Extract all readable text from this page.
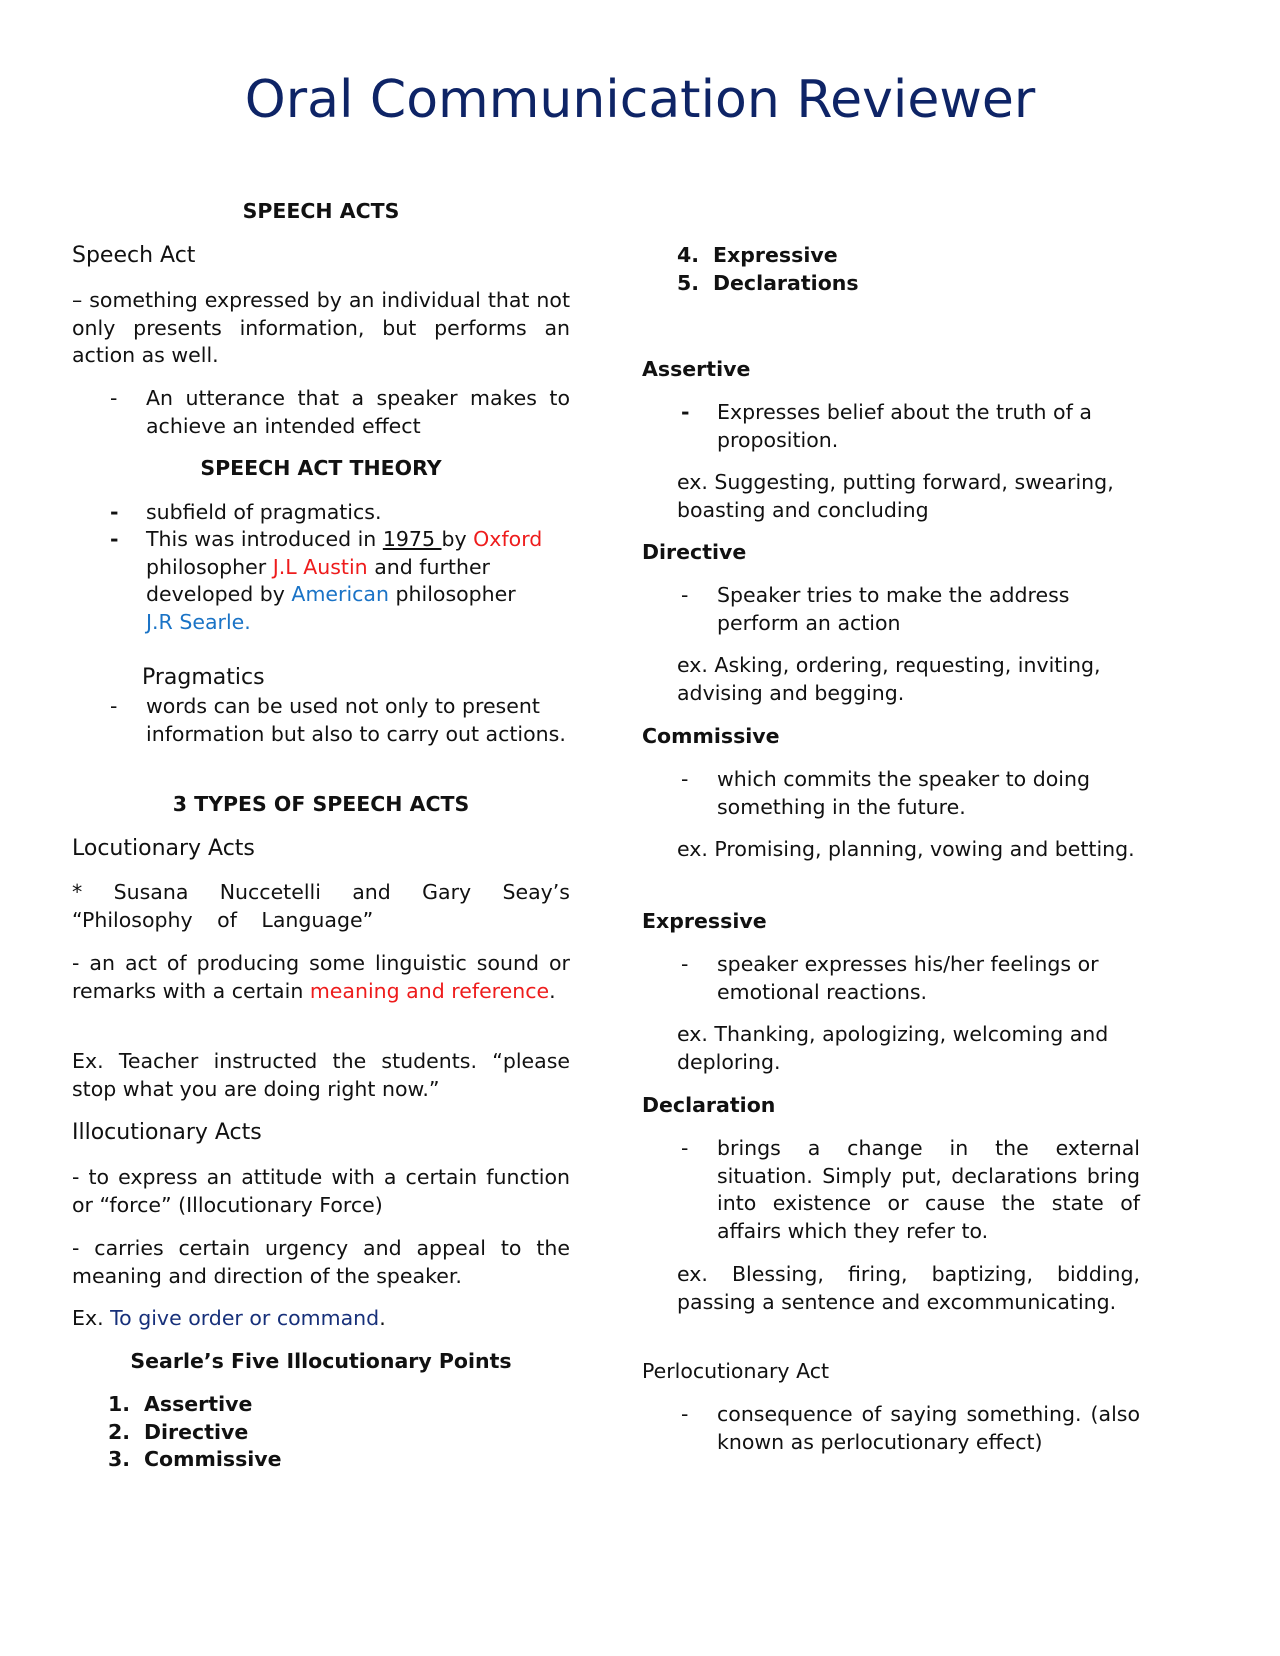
Oral Communication Reviewer
SPEECH ACTS
Speech Act
– something expressed by an individual that not only presents information, but performs an action as well.
-	An utterance that a speaker makes to achieve an intended effect
SPEECH ACT THEORY
-	subfield of pragmatics.
-	This was introduced in 1975 by Oxford philosopher J.L Austin and further developed by American philosopher
J.R Searle.
Pragmatics
-	words can be used not only to present information but also to carry out actions.
3 TYPES OF SPEECH ACTS
Locutionary Acts
* Susana Nuccetelli and Gary Seay’s “Philosophy of Language”
- an act of producing some linguistic sound or remarks with a certain meaning and reference.
Ex. Teacher instructed the students. “please stop what you are doing right now.”
Illocutionary Acts
- to express an attitude with a certain function or “force” (Illocutionary Force)
- carries certain urgency and appeal to the meaning and direction of the speaker.
Ex. To give order or command.
Searle’s Five Illocutionary Points
1. Assertive
2. Directive
3. Commissive
4. Expressive
5. Declarations
Assertive
-	Expresses belief about the truth of a proposition.
ex. Suggesting, putting forward, swearing, boasting and concluding
Directive
-	Speaker tries to make the address perform an action
ex. Asking, ordering, requesting, inviting, advising and begging.
Commissive
-	which commits the speaker to doing something in the future.
ex. Promising, planning, vowing and betting.
Expressive
-	speaker expresses his/her feelings or emotional reactions.
ex. Thanking, apologizing, welcoming and deploring.
Declaration
-	brings a change in the external situation. Simply put, declarations bring into existence or cause the state of affairs which they refer to.
ex. Blessing, firing, baptizing, bidding, passing a sentence and excommunicating.
Perlocutionary Act
-	consequence of saying something. (also known as perlocutionary effect)
